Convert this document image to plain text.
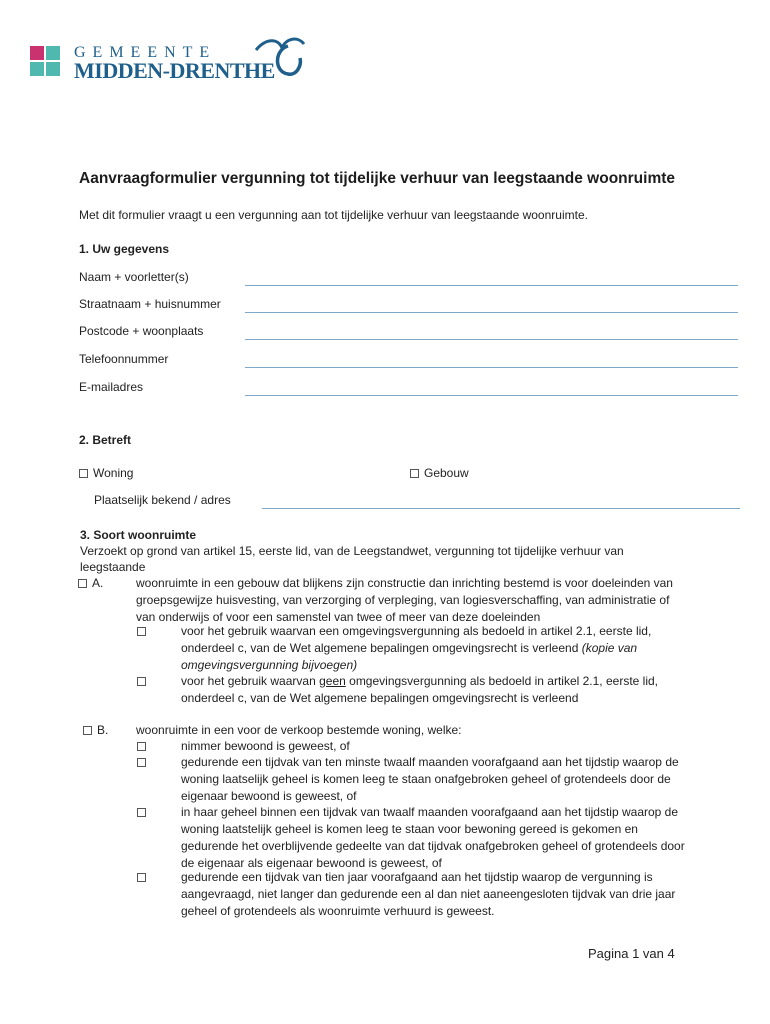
GEMEENTE
MIDDEN-DRENTHE
Aanvraagformulier vergunning tot tijdelijke verhuur van leegstaande woonruimte
Met dit formulier vraagt u een vergunning aan tot tijdelijke verhuur van leegstaande woonruimte.
1. Uw gegevens
Naam + voorletter(s)
Straatnaam + huisnummer
Postcode + woonplaats
Telefoonnummer
E-mailadres
2. Betreft
Woning	Gebouw
Plaatselijk bekend / adres
3. Soort woonruimte
Verzoekt op grond van artikel 15, eerste lid, van de Leegstandwet, vergunning tot tijdelijke verhuur van
leegstaande
A.	woonruimte in een gebouw dat blijkens zijn constructie dan inrichting bestemd is voor doeleinden van
groepsgewijze huisvesting, van verzorging of verpleging, van logiesverschaffing, van administratie of
van onderwijs of voor een samenstel van twee of meer van deze doeleinden
voor het gebruik waarvan een omgevingsvergunning als bedoeld in artikel 2.1, eerste lid,
onderdeel c, van de Wet algemene bepalingen omgevingsrecht is verleend (kopie van
omgevingsvergunning bijvoegen)
voor het gebruik waarvan geen omgevingsvergunning als bedoeld in artikel 2.1, eerste lid,
onderdeel c, van de Wet algemene bepalingen omgevingsrecht is verleend
B. woonruimte in een voor de verkoop bestemde woning, welke:
nimmer bewoond is geweest, of
gedurende een tijdvak van ten minste twaalf maanden voorafgaand aan het tijdstip waarop de
woning laatselijk geheel is komen leeg te staan onafgebroken geheel of grotendeels door de
eigenaar bewoond is geweest, of
in haar geheel binnen een tijdvak van twaalf maanden voorafgaand aan het tijdstip waarop de
woning laatstelijk geheel is komen leeg te staan voor bewoning gereed is gekomen en
gedurende het overblijvende gedeelte van dat tijdvak onafgebroken geheel of grotendeels door
de eigenaar als eigenaar bewoond is geweest, of
gedurende een tijdvak van tien jaar voorafgaand aan het tijdstip waarop de vergunning is
aangevraagd, niet langer dan gedurende een al dan niet aaneengesloten tijdvak van drie jaar
geheel of grotendeels als woonruimte verhuurd is geweest.
Pagina 1 van 4
